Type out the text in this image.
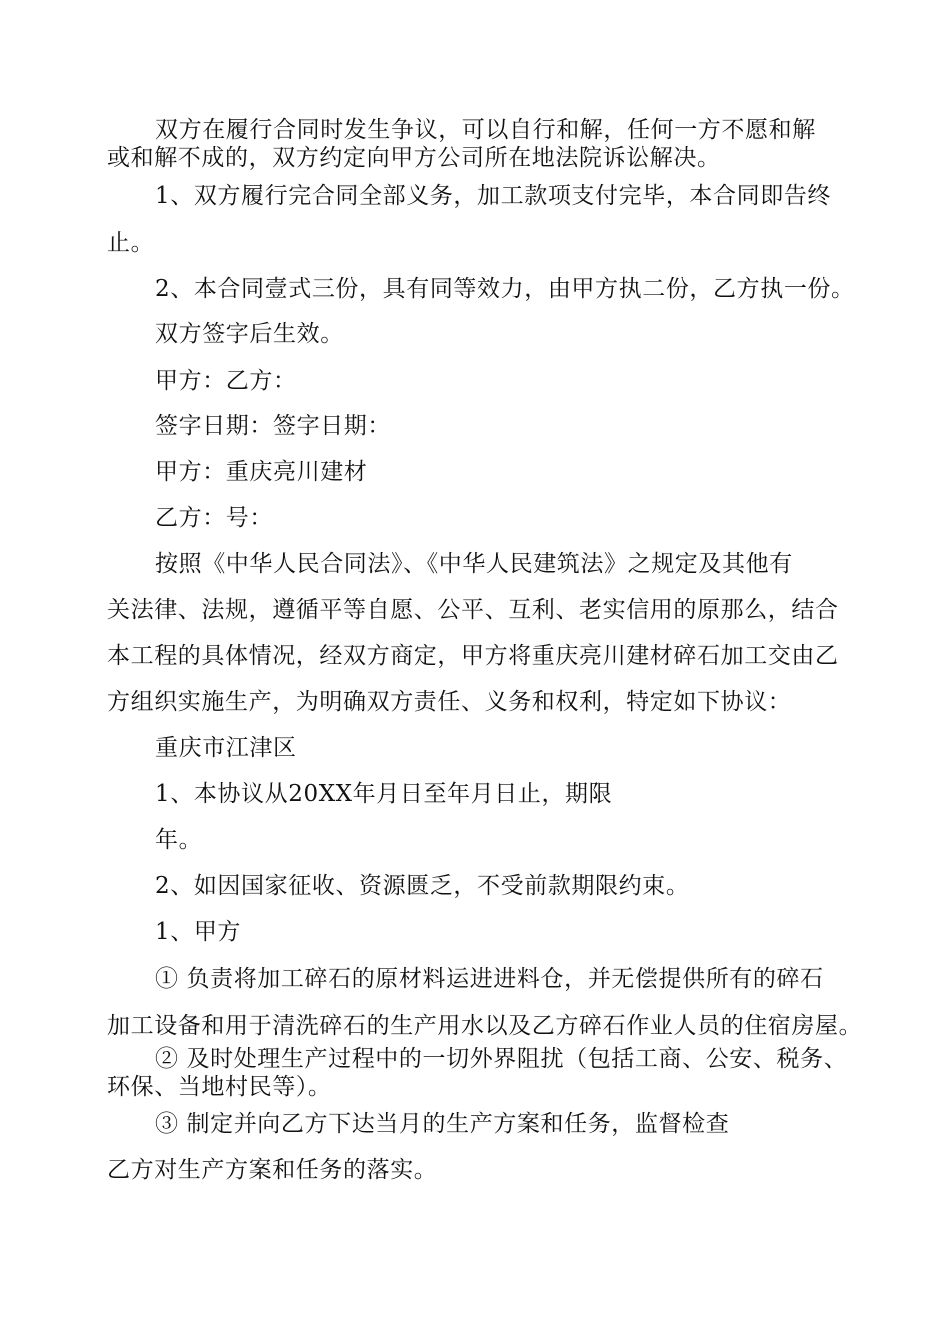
双方在履行合同时发生争议，可以自行和解，任何一方不愿和解
或和解不成的，双方约定向甲方公司所在地法院诉讼解决。
1、双方履行完合同全部义务，加工款项支付完毕，本合同即告终
止。
2、本合同壹式三份，具有同等效力，由甲方执二份，乙方执一份。
双方签字后生效。
甲方：乙方：
签字日期：签字日期：
甲方：重庆亮川建材
乙方：号：
按照《中华人民合同法》、《中华人民建筑法》之规定及其他有
关法律、法规，遵循平等自愿、公平、互利、老实信用的原那么，结合
本工程的具体情况，经双方商定，甲方将重庆亮川建材碎石加工交由乙
方组织实施生产，为明确双方责任、义务和权利，特定如下协议：
重庆市江津区
1、本协议从20XX年月日至年月日止，期限
年。
2、如因国家征收、资源匮乏，不受前款期限约束。
1、甲方
① 负责将加工碎石的原材料运进进料仓，并无偿提供所有的碎石
加工设备和用于清洗碎石的生产用水以及乙方碎石作业人员的住宿房屋。
② 及时处理生产过程中的一切外界阻扰（包括工商、公安、税务、
环保、当地村民等）。
③ 制定并向乙方下达当月的生产方案和任务，监督检查
乙方对生产方案和任务的落实。
